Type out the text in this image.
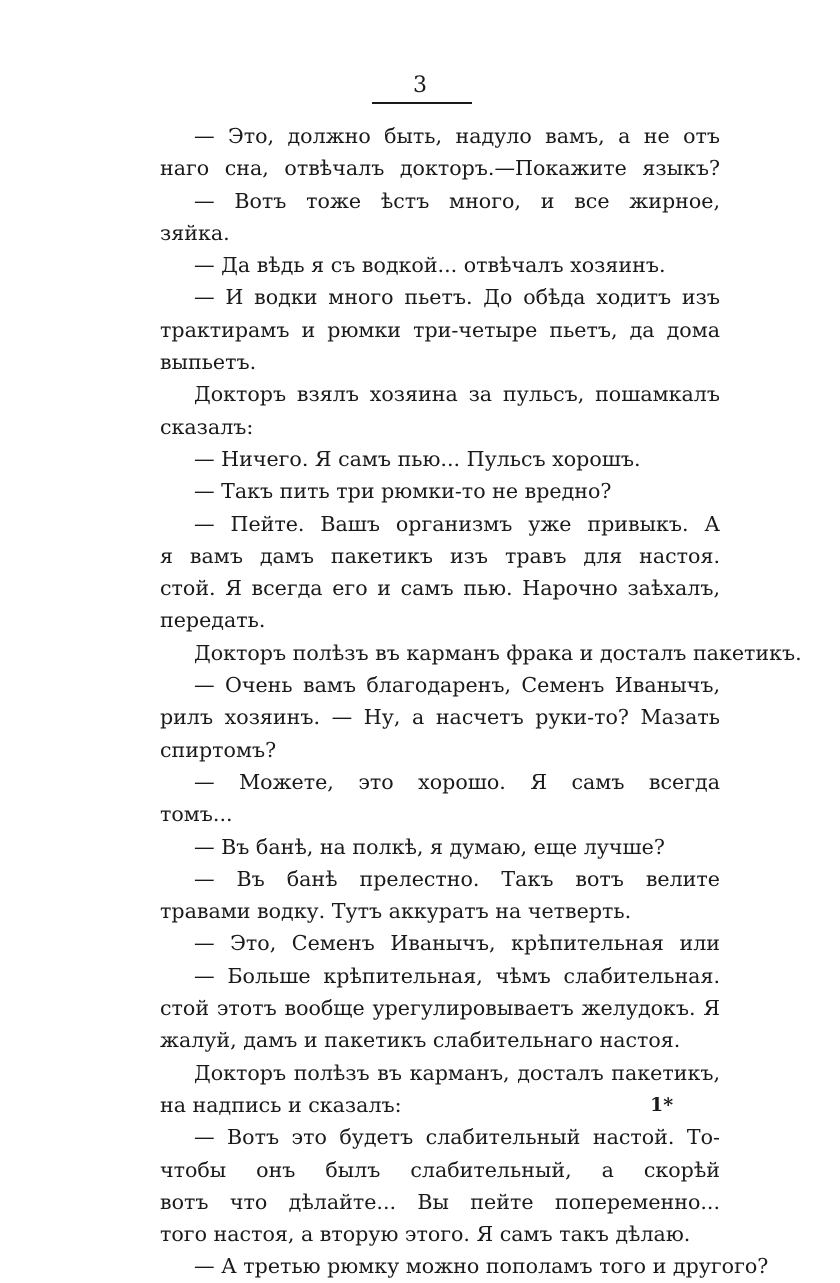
3
— Это, должно быть, надуло вамъ, а не отъ
наго сна, отвѣчалъ докторъ.—Покажите языкъ?
— Вотъ тоже ѣстъ много, и все жирное,
зяйка.
— Да вѣдь я съ водкой... отвѣчалъ хозяинъ.
— И водки много пьетъ. До обѣда ходитъ изъ
трактирамъ и рюмки три-четыре пьетъ, да дома
выпьетъ.
Докторъ взялъ хозяина за пульсъ, пошамкалъ
сказалъ:
— Ничего. Я самъ пью... Пульсъ хорошъ.
— Такъ пить три рюмки-то не вредно?
— Пейте. Вашъ организмъ уже привыкъ. А
я вамъ дамъ пакетикъ изъ травъ для настоя.
стой. Я всегда его и самъ пью. Нарочно заѣхалъ,
передать.
Докторъ полѣзъ въ карманъ фрака и досталъ пакетикъ.
— Очень вамъ благодаренъ, Семенъ Иванычъ,
рилъ хозяинъ. — Ну, а насчетъ руки-то? Мазать
спиртомъ?
— Можете, это хорошо. Я самъ всегда
томъ...
— Въ банѣ, на полкѣ, я думаю, еще лучше?
— Въ банѣ прелестно. Такъ вотъ велите
травами водку. Тутъ аккуратъ на четверть.
— Это, Семенъ Иванычъ, крѣпительная или
— Больше крѣпительная, чѣмъ слабительная.
стой этотъ вообще урегулировываетъ желудокъ. Я
жалуй, дамъ и пакетикъ слабительнаго настоя.
Докторъ полѣзъ въ карманъ, досталъ пакетикъ,
на надпись и сказалъ:
— Вотъ это будетъ слабительный настой. То-
чтобы онъ былъ слабительный, а скорѣй
вотъ что дѣлайте... Вы пейте попеременно...
того настоя, а вторую этого. Я самъ такъ дѣлаю.
— А третью рюмку можно пополамъ того и другого?
1*
